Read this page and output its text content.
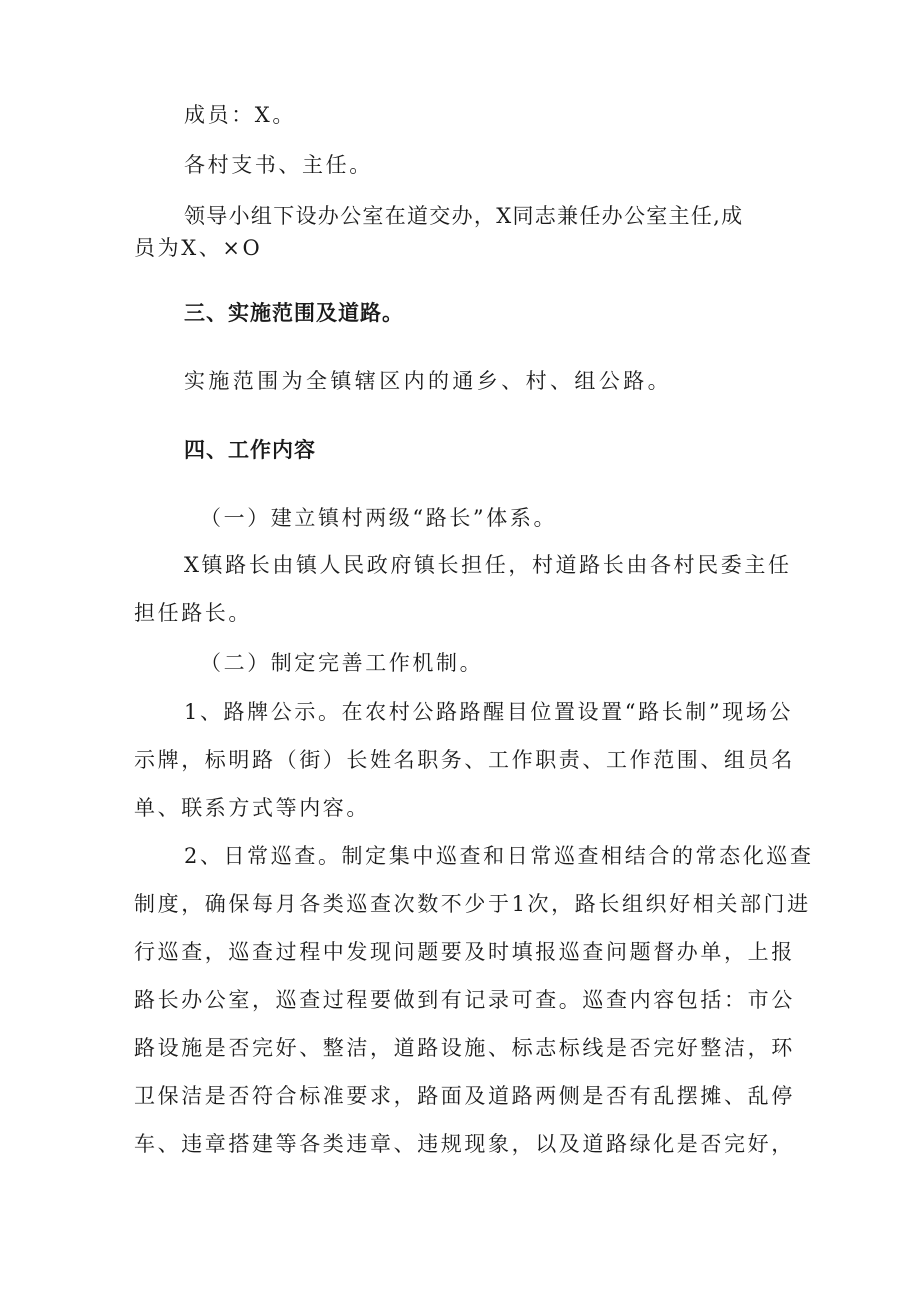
成员：X。
各村支书、主任。
领导小组下设办公室在道交办，X同志兼任办公室主任,成
员为X、×O
三、实施范围及道路。
实施范围为全镇辖区内的通乡、村、组公路。
四、工作内容
（一）建立镇村两级“路长”体系。
X镇路长由镇人民政府镇长担任，村道路长由各村民委主任
担任路长。
（二）制定完善工作机制。
1、路牌公示。在农村公路路醒目位置设置“路长制”现场公
示牌，标明路（街）长姓名职务、工作职责、工作范围、组员名
单、联系方式等内容。
2、日常巡查。制定集中巡查和日常巡查相结合的常态化巡查
制度，确保每月各类巡查次数不少于1次，路长组织好相关部门进
行巡查，巡查过程中发现问题要及时填报巡查问题督办单，上报
路长办公室，巡查过程要做到有记录可查。巡查内容包括：市公
路设施是否完好、整洁，道路设施、标志标线是否完好整洁，环
卫保洁是否符合标准要求，路面及道路两侧是否有乱摆摊、乱停
车、违章搭建等各类违章、违规现象，以及道路绿化是否完好，
